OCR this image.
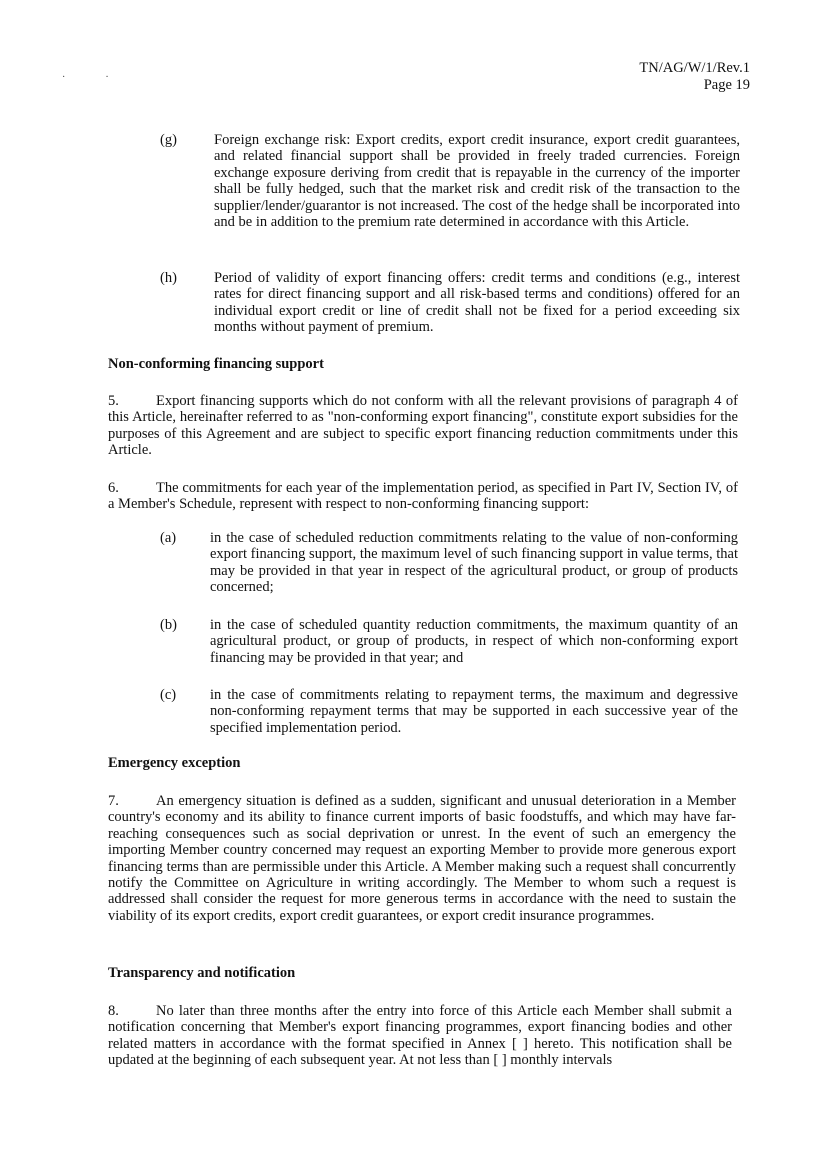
··
TN/AG/W/1/Rev.1
Page 19
(g)	Foreign exchange risk: Export credits, export credit insurance, export credit guarantees, and related financial support shall be provided in freely traded currencies. Foreign exchange exposure deriving from credit that is repayable in the currency of the importer shall be fully hedged, such that the market risk and credit risk of the transaction to the supplier/lender/guarantor is not increased. The cost of the hedge shall be incorporated into and be in addition to the premium rate determined in accordance with this Article.
(h)	Period of validity of export financing offers: credit terms and conditions (e.g., interest rates for direct financing support and all risk-based terms and conditions) offered for an individual export credit or line of credit shall not be fixed for a period exceeding six months without payment of premium.
Non-conforming financing support
5.	Export financing supports which do not conform with all the relevant provisions of paragraph 4 of this Article, hereinafter referred to as "non-conforming export financing", constitute export subsidies for the purposes of this Agreement and are subject to specific export financing reduction commitments under this Article.
6.	The commitments for each year of the implementation period, as specified in Part IV, Section IV, of a Member's Schedule, represent with respect to non-conforming financing support:
(a) in the case of scheduled reduction commitments relating to the value of non-conforming export financing support, the maximum level of such financing support in value terms, that may be provided in that year in respect of the agricultural product, or group of products concerned;
(b) in the case of scheduled quantity reduction commitments, the maximum quantity of an agricultural product, or group of products, in respect of which non-conforming export financing may be provided in that year; and
(c) in the case of commitments relating to repayment terms, the maximum and degressive non-conforming repayment terms that may be supported in each successive year of the specified implementation period.
Emergency exception
7.	An emergency situation is defined as a sudden, significant and unusual deterioration in a Member country's economy and its ability to finance current imports of basic foodstuffs, and which may have far-reaching consequences such as social deprivation or unrest. In the event of such an emergency the importing Member country concerned may request an exporting Member to provide more generous export financing terms than are permissible under this Article. A Member making such a request shall concurrently notify the Committee on Agriculture in writing accordingly. The Member to whom such a request is addressed shall consider the request for more generous terms in accordance with the need to sustain the viability of its export credits, export credit guarantees, or export credit insurance programmes.
Transparency and notification
8.	No later than three months after the entry into force of this Article each Member shall submit a notification concerning that Member's export financing programmes, export financing bodies and other related matters in accordance with the format specified in Annex [ ] hereto. This notification shall be updated at the beginning of each subsequent year. At not less than [ ] monthly intervals
